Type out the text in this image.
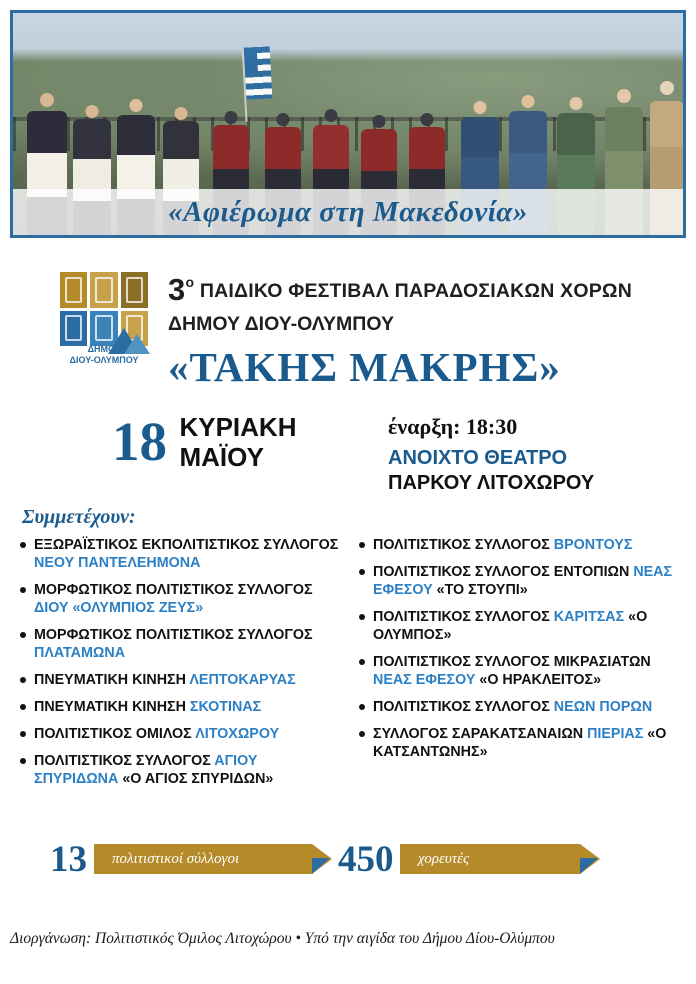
«Αφιέρωμα στη Μακεδονία»
ΔΗΜΟΣ
ΔΙΟΥ-ΟΛΥΜΠΟΥ
$3^o$ ΠΑΙΔΙΚΟ ΦΕΣΤΙΒΑΛ ΠΑΡΑΔΟΣΙΑΚΩΝ ΧΟΡΩΝ
ΔΗΜΟΥ ΔΙΟΥ-ΟΛΥΜΠΟΥ
«ΤΑΚΗΣ ΜΑΚΡΗΣ»
18 ΚΥΡΙΑΚΗ
ΜΑΪΟΥ
έναρξη: 18:30
ΑΝΟΙΧΤΟ ΘΕΑΤΡΟ
ΠΑΡΚΟΥ ΛΙΤΟΧΩΡΟΥ
Συμμετέχουν:
ΕΞΩΡΑΪΣΤΙΚΟΣ ΕΚΠΟΛΙΤΙΣΤΙΚΟΣ ΣΥΛΛΟΓΟΣ ΝΕΟΥ ΠΑΝΤΕΛΕΗΜΟΝΑ
ΜΟΡΦΩΤΙΚΟΣ ΠΟΛΙΤΙΣΤΙΚΟΣ ΣΥΛΛΟΓΟΣ ΔΙΟΥ «ΟΛΥΜΠΙΟΣ ΖΕΥΣ»
ΜΟΡΦΩΤΙΚΟΣ ΠΟΛΙΤΙΣΤΙΚΟΣ ΣΥΛΛΟΓΟΣ ΠΛΑΤΑΜΩΝΑ
ΠΝΕΥΜΑΤΙΚΗ ΚΙΝΗΣΗ ΛΕΠΤΟΚΑΡΥΑΣ
ΠΝΕΥΜΑΤΙΚΗ ΚΙΝΗΣΗ ΣΚΟΤΙΝΑΣ
ΠΟΛΙΤΙΣΤΙΚΟΣ ΟΜΙΛΟΣ ΛΙΤΟΧΩΡΟΥ
ΠΟΛΙΤΙΣΤΙΚΟΣ ΣΥΛΛΟΓΟΣ ΑΓΙΟΥ ΣΠΥΡΙΔΩΝΑ «Ο ΑΓΙΟΣ ΣΠΥΡΙΔΩΝ»
ΠΟΛΙΤΙΣΤΙΚΟΣ ΣΥΛΛΟΓΟΣ ΒΡΟΝΤΟΥΣ
ΠΟΛΙΤΙΣΤΙΚΟΣ ΣΥΛΛΟΓΟΣ ΕΝΤΟΠΙΩΝ ΝΕΑΣ ΕΦΕΣΟΥ «ΤΟ ΣΤΟΥΠΙ»
ΠΟΛΙΤΙΣΤΙΚΟΣ ΣΥΛΛΟΓΟΣ ΚΑΡΙΤΣΑΣ «Ο ΟΛΥΜΠΟΣ»
ΠΟΛΙΤΙΣΤΙΚΟΣ ΣΥΛΛΟΓΟΣ ΜΙΚΡΑΣΙΑΤΩΝ ΝΕΑΣ ΕΦΕΣΟΥ «Ο ΗΡΑΚΛΕΙΤΟΣ»
ΠΟΛΙΤΙΣΤΙΚΟΣ ΣΥΛΛΟΓΟΣ ΝΕΩΝ ΠΟΡΩΝ
ΣΥΛΛΟΓΟΣ ΣΑΡΑΚΑΤΣΑΝΑΙΩΝ ΠΙΕΡΙΑΣ «Ο ΚΑΤΣΑΝΤΩΝΗΣ»
πολιτιστικοί σύλλογοι
13	χορευτές
450
Διοργάνωση: Πολιτιστικός Όμιλος Λιτοχώρου • Υπό την αιγίδα του Δήμου Δίου-Ολύμπου
